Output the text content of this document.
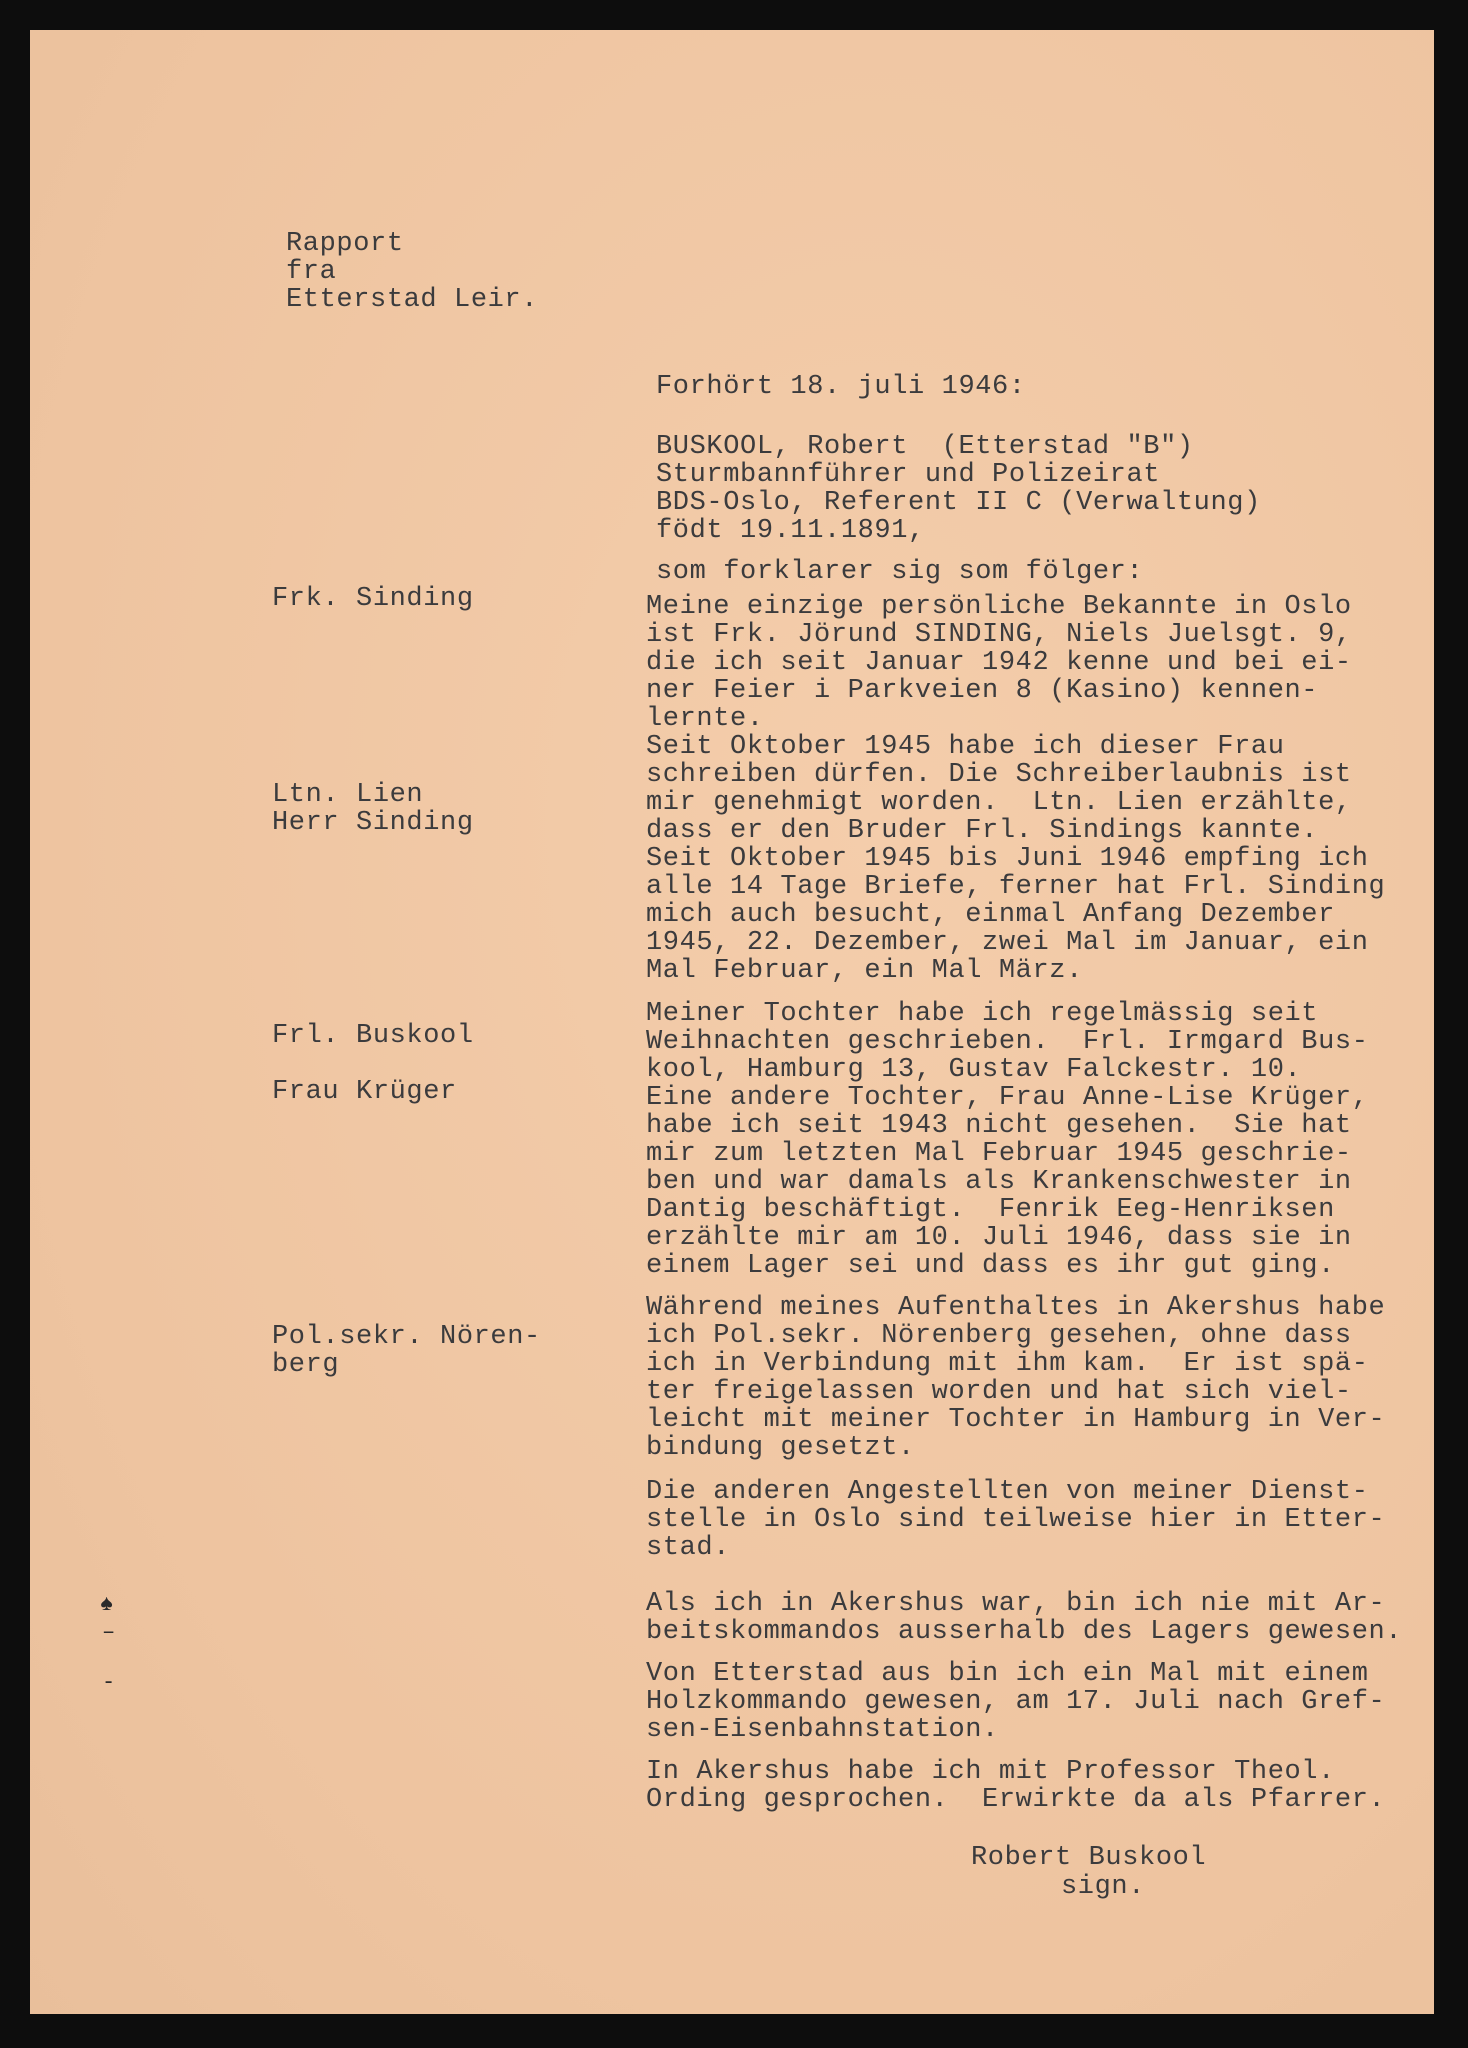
Rapport
fra
Etterstad Leir.
Forhört 18. juli 1946:
BUSKOOL, Robert  (Etterstad "B")
Sturmbannführer und Polizeirat
BDS-Oslo, Referent II C (Verwaltung)
födt 19.11.1891,
som forklarer sig som fölger:
Frk. Sinding
Ltn. Lien
Herr Sinding
Frl. Buskool
Frau Krüger
Pol.sekr. Nören-
berg
Meine einzige persönliche Bekannte in Oslo
ist Frk. Jörund SINDING, Niels Juelsgt. 9,
die ich seit Januar 1942 kenne und bei ei-
ner Feier i Parkveien 8 (Kasino) kennen-
lernte.
Seit Oktober 1945 habe ich dieser Frau
schreiben dürfen. Die Schreiberlaubnis ist
mir genehmigt worden.  Ltn. Lien erzählte,
dass er den Bruder Frl. Sindings kannte.
Seit Oktober 1945 bis Juni 1946 empfing ich
alle 14 Tage Briefe, ferner hat Frl. Sinding
mich auch besucht, einmal Anfang Dezember
1945, 22. Dezember, zwei Mal im Januar, ein
Mal Februar, ein Mal März.
Meiner Tochter habe ich regelmässig seit
Weihnachten geschrieben.  Frl. Irmgard Bus-
kool, Hamburg 13, Gustav Falckestr. 10.
Eine andere Tochter, Frau Anne-Lise Krüger,
habe ich seit 1943 nicht gesehen.  Sie hat
mir zum letzten Mal Februar 1945 geschrie-
ben und war damals als Krankenschwester in
Dantig beschäftigt.  Fenrik Eeg-Henriksen
erzählte mir am 10. Juli 1946, dass sie in
einem Lager sei und dass es ihr gut ging.
Während meines Aufenthaltes in Akershus habe
ich Pol.sekr. Nörenberg gesehen, ohne dass
ich in Verbindung mit ihm kam.  Er ist spä-
ter freigelassen worden und hat sich viel-
leicht mit meiner Tochter in Hamburg in Ver-
bindung gesetzt.
Die anderen Angestellten von meiner Dienst-
stelle in Oslo sind teilweise hier in Etter-
stad.
Als ich in Akershus war, bin ich nie mit Ar-
beitskommandos ausserhalb des Lagers gewesen.
Von Etterstad aus bin ich ein Mal mit einem
Holzkommando gewesen, am 17. Juli nach Gref-
sen-Eisenbahnstation.
In Akershus habe ich mit Professor Theol.
Ording gesprochen.  Erwirkte da als Pfarrer.
Robert Buskool
sign.
♠
–
-
